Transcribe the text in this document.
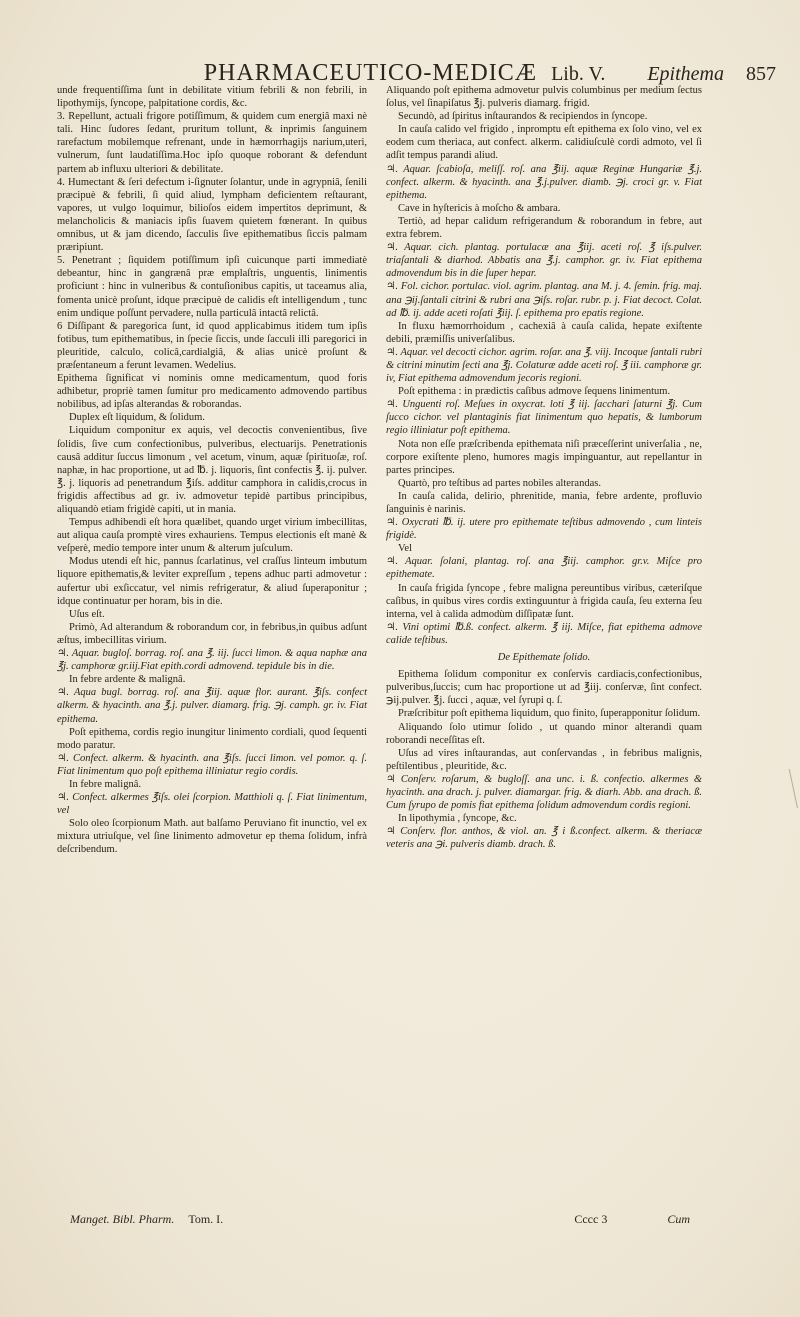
PHARMACEUTICO-MEDICÆ Lib. V. Epithema 857

unde frequentiſſima ſunt in debilitate vitium febrili & non febrili, in lipothymijs, ſyncope, palpitatione cordis, &c.

3. Repellunt, actuali frigore potiſſimum, & quidem cum energiâ maxi nè tali. Hinc ſudores ſedant, pruritum tollunt, & inprimis ſanguinem rarefactum mobilemque refrenant, unde in hæmorrhagijs narium,uteri, vulnerum, ſunt laudatiſſima.Hoc ipſo quoque roborant & defendunt partem ab influxu ulteriori & debilitate.

4. Humectant & ſeri defectum i-ſignuter ſolantur, unde in agrypniâ, ſenili præcipuè & febrili, ſi quid aliud, lympham deficientem reſtaurant, vapores, ut vulgo loquimur, bilioſos eidem impertitos deprimunt, & melancholicis & maniacis ipſis ſuavem quietem fœnerant. In quibus omnibus, ut & jam dicendo, ſacculis ſive epithematibus ſiccis palmam præripiunt.

5. Penetrant ; ſiquidem potiſſimum ipſi cuicunque parti immediatè debeantur, hinc in gangrænâ præ emplaſtris, unguentis, linimentis proficiunt : hinc in vulneribus & contuſionibus capitis, ut taceamus alia, fomenta unicè proſunt, idque præcipuè de calidis eſt intelligendum , tunc enim undique poſſunt pervadere, nulla particulâ intactâ relictâ.

6 Diſſipant & paregorica ſunt, id quod applicabimus itidem tum ipſis fotibus, tum epithematibus, in ſpecie ſiccis, unde ſacculi illi paregorici in pleuritide, calculo, colicâ,cardialgiâ, & alias unicè proſunt & præſentaneum a ferunt levamen. Wedelius.

Epithema ſignificat vi nominis omne medicamentum, quod foris adhibetur, propriè tamen ſumitur pro medicamento admovendo partibus nobilibus, ad ipſas alterandas & roborandas.

Duplex eſt liquidum, & ſolidum.

Liquidum componitur ex aquis, vel decoctis convenientibus, ſive ſolidis, ſive cum confectionibus, pulveribus, electuarijs. Penetrationis causâ additur ſuccus limonum , vel acetum, vinum, aquæ ſpirituoſæ, roſ. naphæ, in hac proportione, ut ad ℔. j. liquoris, ſint confectis ℥. ij. pulver. ℥. j. liquoris ad penetrandum ℥iſs. additur camphora in calidis,crocus in frigidis affectibus ad gr. iv. admovetur tepidè partibus principibus, aliquandò etiam frigidè capiti, ut in mania.

Tempus adhibendi eſt hora quælibet, quando urget virium imbecillitas, aut aliqua cauſa promptè vires exhauriens. Tempus electionis eſt manè & veſperè, medio tempore inter unum & alterum juſculum.

Modus utendi eſt hic, pannus ſcarlatinus, vel craſſus linteum imbutum liquore epithematis,& leviter expreſſum , tepens adhuc parti admovetur : aufertur ubi exſiccatur, vel nimis refrigeratur, & aliud ſuperaponitur ; idque continuatur per horam, bis in die.

Uſus eſt.

Primò, Ad alterandum & roborandum cor, in febribus,in quibus adſunt æſtus, imbecillitas virium.

♃. Aquar. bugloſ. borrag. roſ. ana ℥. iij. ſucci limon. & aqua naphæ ana ℥j. camphoræ gr.iij.Fiat epith.cordi admovend. tepidule bis in die.

In febre ardente & malignâ.

♃. Aqua bugl. borrag. roſ. ana ℥iij. aquæ flor. aurant. ℥iſs. confect alkerm. & hyacinth. ana ℥.j. pulver. diamarg. frig. ℈j. camph. gr. iv. Fiat epithema.

Poſt epithema, cordis regio inungitur linimento cordiali, quod ſequenti modo paratur.

♃. Confect. alkerm. & hyacinth. ana ℥iſs. ſucci limon. vel pomor. q. ſ. Fiat linimentum quo poſt epithema illiniatur regio cordis.

In febre malignâ.

♃. Confect. alkermes ℥iſs. olei ſcorpion. Matthioli q. ſ. Fiat linimentum, vel

Solo oleo ſcorpionum Math. aut balſamo Peruviano fit inunctio, vel ex mixtura utriuſque, vel ſine linimento admovetur ep thema ſolidum, infrà deſcribendum.

Aliquando poſt epithema admovetur pulvis columbinus per medium ſectus ſolus, vel ſinapiſatus ℥j. pulveris diamarg. frigid.

Secundò, ad ſpiritus inſtaurandos & recipiendos in ſyncope.

In cauſa calido vel frigido , inpromptu eſt epithema ex ſolo vino, vel ex eodem cum theriaca, aut confect. alkerm. calidiuſculè cordi admoto, vel ſi adſit tempus parandi aliud.

♃. Aquar. ſcabioſa, meliſſ. roſ. ana ℥iij. aquæ Reginæ Hungariæ ℥.j. confect. alkerm. & hyacinth. ana ℥.j.pulver. diamb. ℈j. croci gr. v. Fiat epithema.

Cave in hyſtericis à moſcho & ambara.

Tertiò, ad hepar calidum refrigerandum & roborandum in febre, aut extra febrem.

♃. Aquar. cich. plantag. portulacæ ana ℥iij. aceti roſ. ℥ iſs.pulver. triaſantali & diarhod. Abbatis ana ℥.j. camphor. gr. iv. Fiat epithema admovendum bis in die ſuper hepar.

♃. Fol. cichor. portulac. viol. agrim. plantag. ana M. j. 4. ſemin. frig. maj. ana ℈ij.ſantali citrini & rubri ana ℈iſs. roſar. rubr. p. j. Fiat decoct. Colat. ad ℔. ij. adde aceti roſati ℥iij. ſ. epithema pro epatis regione.

In fluxu hæmorrhoidum , cachexiâ à cauſa calida, hepate exiſtente debili, præmiſſis univerſalibus.

♃. Aquar. vel decocti cichor. agrim. roſar. ana ℥. viij. Incoque ſantali rubri & citrini minutim ſecti ana ℥j. Colaturæ adde aceti roſ. ℥ iii. camphoræ gr. iv, Fiat epithema admovendum jecoris regioni.

Poſt epithema : in prædictis caſibus admove ſequens linimentum.

♃. Unguenti roſ. Meſues in oxycrat. loti ℥ iij. ſacchari ſaturni ℥j. Cum ſucco cichor. vel plantaginis fiat linimentum quo hepatis, & lumborum regio illiniatur poſt epithema.

Nota non eſſe præſcribenda epithemata niſi præceſſerint univerſalia , ne, corpore exiſtente pleno, humores magis impinguantur, aut repellantur in partes principes.

Quartò, pro teſtibus ad partes nobiles alterandas.

In cauſa calida, delirio, phrenitide, mania, febre ardente, profluvio ſanguinis è narinis.

♃. Oxycrati ℔. ij. utere pro epithemate teſtibus admovendo , cum linteis frigidè.

Vel

♃. Aquar. ſolani, plantag. roſ. ana ℥iij. camphor. gr.v. Miſce pro epithemate.

In cauſa frigida ſyncope , febre maligna pereuntibus viribus, cæteriſque caſibus, in quibus vires cordis extinguuntur à frigida cauſa, ſeu externa ſeu interna, vel à calida admodùm diſſipatæ ſunt.

♃. Vini optimi ℔.ß. confect. alkerm. ℥ iij. Miſce, fiat epithema admove calide teſtibus.

De Epithemate ſolido.

Epithema ſolidum componitur ex conſervis cardiacis,confectionibus, pulveribus,ſuccis; cum hac proportione ut ad ℥iij. conſervæ, ſint confect. ℈ij.pulver. ℥j. ſucci , aquæ, vel ſyrupi q. ſ.

Præſcribitur poſt epithema liquidum, quo finito, ſuperapponitur ſolidum.

Aliquando ſolo utimur ſolido , ut quando minor alterandi quam roborandi neceſſitas eſt.

Uſus ad vires inſtaurandas, aut conſervandas , in febribus malignis, peſtilentibus , pleuritide, &c.

♃ Conſerv. roſarum, & bugloſſ. ana unc. i. ß. confectio. alkermes & hyacinth. ana drach. j. pulver. diamargar. frig. & diarh. Abb. ana drach. ß. Cum ſyrupo de pomis fiat epithema ſolidum admovendum cordis regioni.

In lipothymia , ſyncope, &c.

♃ Conſerv. flor. anthos, & viol. an. ℥ i ß.confect. alkerm. & theriacæ veteris ana ℈i. pulveris diamb. drach. ß.

Manget. Bibl. Pharm. Tom. I.	Cccc 3	Cum
